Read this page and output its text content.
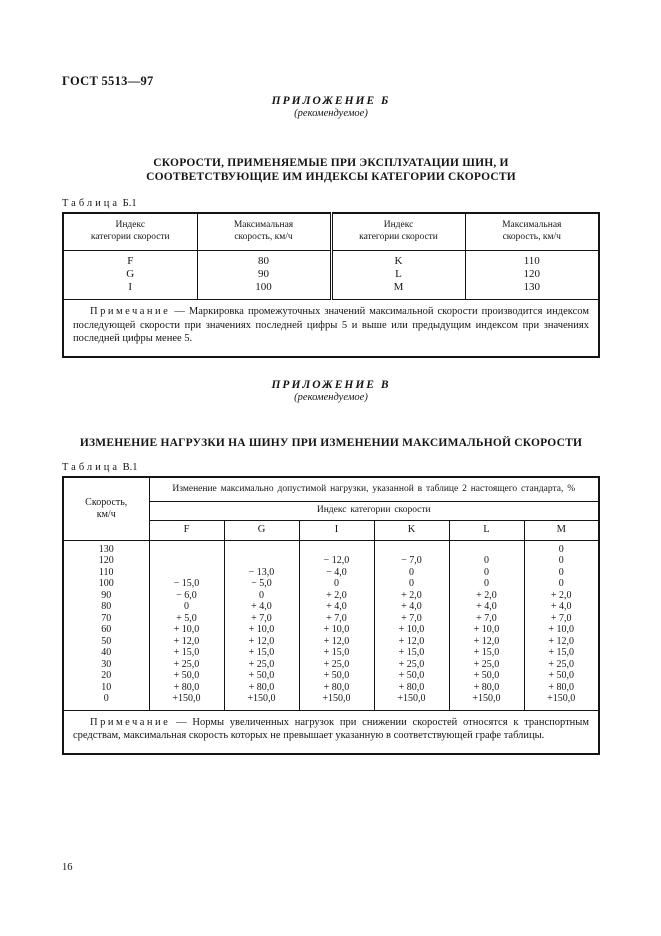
ГОСТ 5513—97
ПРИЛОЖЕНИЕ Б
(рекомендуемое)
СКОРОСТИ, ПРИМЕНЯЕМЫЕ ПРИ ЭКСПЛУАТАЦИИ ШИН, И
СООТВЕТСТВУЮЩИЕ ИМ ИНДЕКСЫ КАТЕГОРИИ СКОРОСТИ
Таблица Б.1
Индекс
категории скорости	Максимальная
скорость, км/ч	Индекс
категории скорости	Максимальная
скорость, км/ч

F	80	K	110
G	90	L	120
I	100	M	130
Примечание — Маркировка промежуточных значений максимальной скорости производится индексом последующей скорости при значениях последней цифры 5 и выше или предыдущим индексом при значениях последней цифры менее 5.			
ПРИЛОЖЕНИЕ В
(рекомендуемое)
ИЗМЕНЕНИЕ НАГРУЗКИ НА ШИНУ ПРИ ИЗМЕНЕНИИ МАКСИМАЛЬНОЙ СКОРОСТИ
Таблица В.1
Скорость,
км/ч	Изменение максимально допустимой нагрузки, указанной в таблице 2 настоящего стандарта, %					
	Индекс категории скорости					
	F	G	I	K	L	M
130						0
120			− 12,0	− 7,0	0	0
110		− 13,0	− 4,0	0	0	0
100	− 15,0	− 5,0	0	0	0	0
90	− 6,0	0	+ 2,0	+ 2,0	+ 2,0	+ 2,0
80	0	+ 4,0	+ 4,0	+ 4,0	+ 4,0	+ 4,0
70	+ 5,0	+ 7,0	+ 7,0	+ 7,0	+ 7,0	+ 7,0
60	+ 10,0	+ 10,0	+ 10,0	+ 10,0	+ 10,0	+ 10,0
50	+ 12,0	+ 12,0	+ 12,0	+ 12,0	+ 12,0	+ 12,0
40	+ 15,0	+ 15,0	+ 15,0	+ 15,0	+ 15,0	+ 15,0
30	+ 25,0	+ 25,0	+ 25,0	+ 25,0	+ 25,0	+ 25,0
20	+ 50,0	+ 50,0	+ 50,0	+ 50,0	+ 50,0	+ 50,0
10	+ 80,0	+ 80,0	+ 80,0	+ 80,0	+ 80,0	+ 80,0
0	+150,0	+150,0	+150,0	+150,0	+150,0	+150,0
Примечание — Нормы увеличенных нагрузок при снижении скоростей относятся к транспортным средствам, максимальная скорость которых не превышает указанную в соответствующей графе таблицы.						
16
